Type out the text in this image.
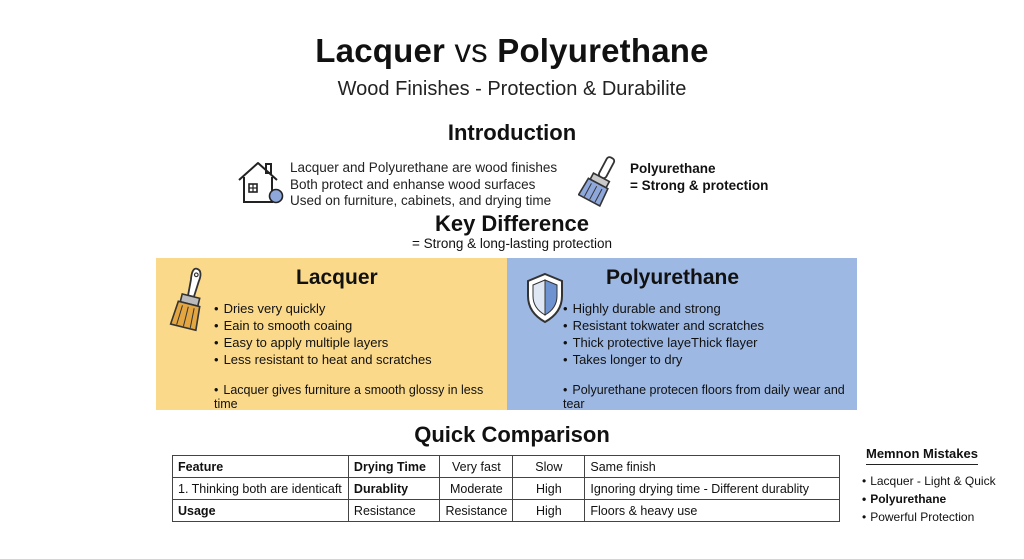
Lacquer vs Polyurethane
Wood Finishes - Protection & Durabilite
Introduction
Lacquer and Polyurethane are wood finishes
Both protect and enhanse wood surfaces
Used on furniture, cabinets, and drying time
Polyurethane
= Strong & protection
Key Difference
= Strong & long-lasting protection
Lacquer
• Dries very quickly
• Eain to smooth coaing
• Easy to apply multiple layers
• Less resistant to heat and scratches
• Lacquer gives furniture a smooth glossy in less time
Polyurethane
• Highly durable and strong
• Resistant tokwater and scratches
• Thick protective layeThick flayer
• Takes longer to dry
• Polyurethane protecen floors from daily wear and tear
Quick Comparison
Feature	Drying Time	Very fast	Slow	Same finish
1. Thinking both are identicaft	Durablity	Moderate	High	Ignoring drying time - Different durablity
Usage	Resistance	Resistance	High	Floors & heavy use
Memnon Mistakes
• Lacquer - Light & Quick
• Polyurethane
• Powerful Protection
